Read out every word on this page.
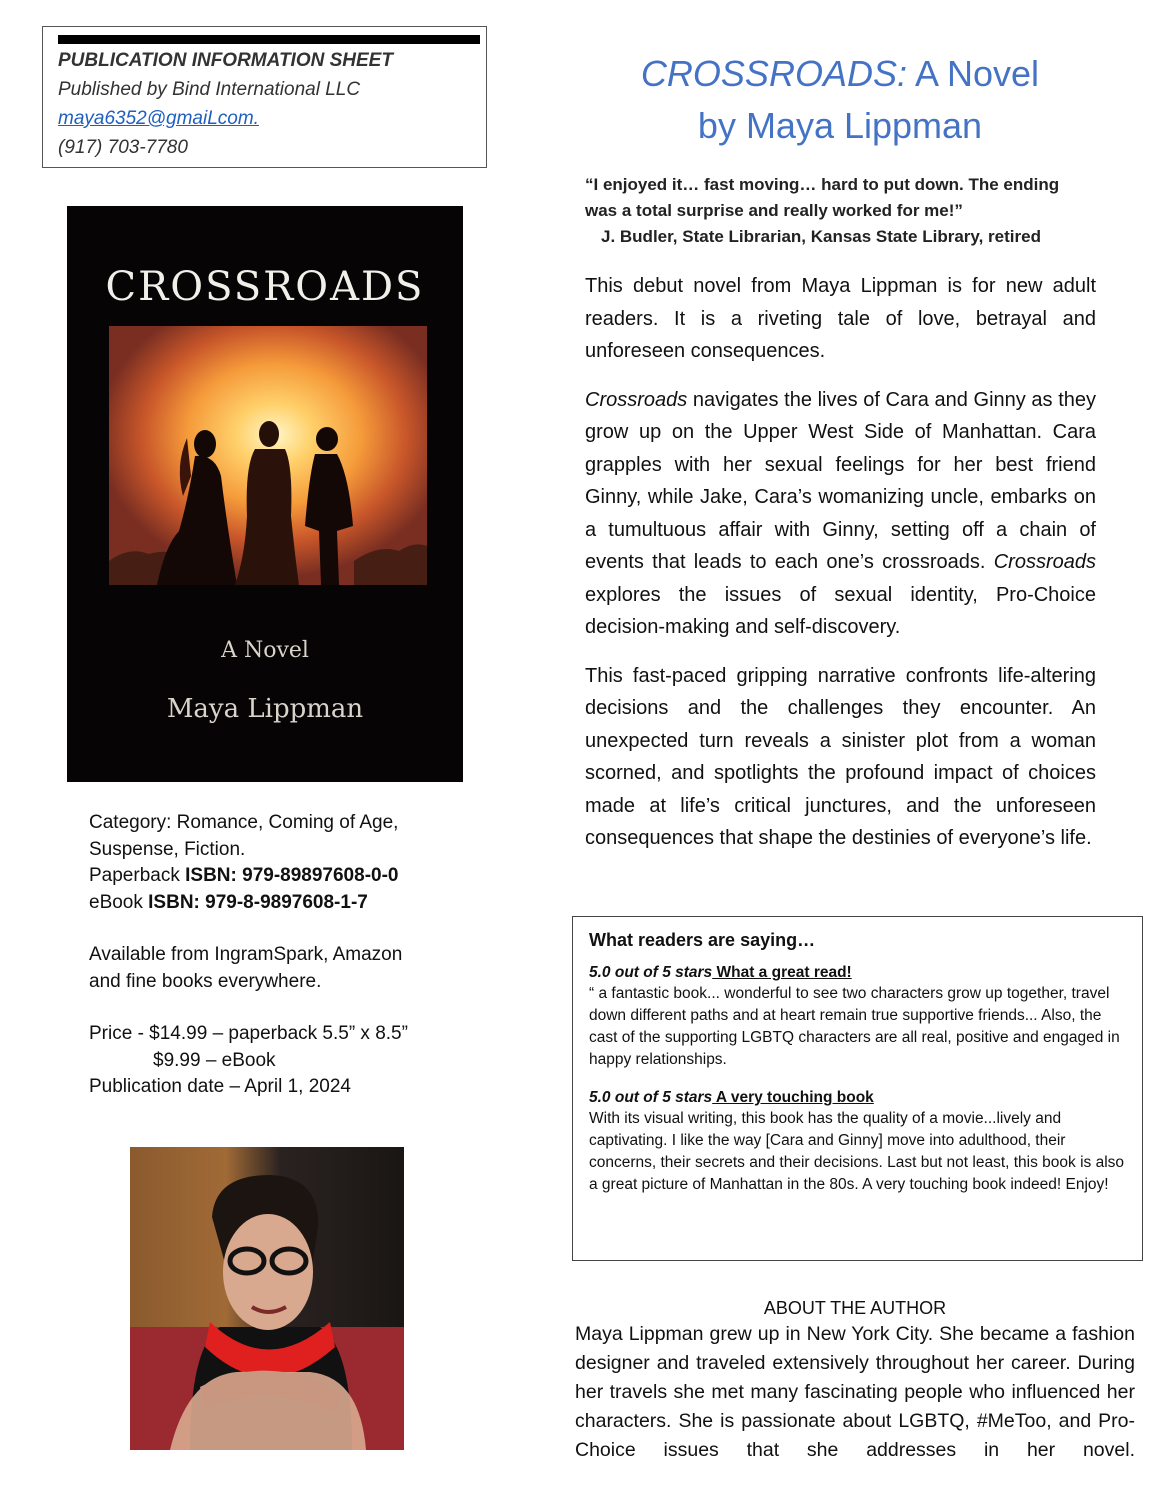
PUBLICATION INFORMATION SHEET
Published by Bind International LLC
maya6352@gmaiLcom.
(917) 703-7780
CROSSROADS: A Novel
by Maya Lippman
“I enjoyed it… fast moving… hard to put down. The ending
was a total surprise and really worked for me!”
J. Budler, State Librarian, Kansas State Library, retired

This debut novel from Maya Lippman is for new adult readers. It is a riveting tale of love, betrayal and unforeseen consequences.

Crossroads navigates the lives of Cara and Ginny as they grow up on the Upper West Side of Manhattan. Cara grapples with her sexual feelings for her best friend Ginny, while Jake, Cara’s womanizing uncle, embarks on a tumultuous affair with Ginny, setting off a chain of events that leads to each one’s crossroads. Crossroads explores the issues of sexual identity, Pro-Choice decision-making and self-discovery.

This fast-paced gripping narrative confronts life-altering decisions and the challenges they encounter. An unexpected turn reveals a sinister plot from a woman scorned, and spotlights the profound impact of choices made at life’s critical junctures, and the unforeseen consequences that shape the destinies of everyone’s life.

CROSSROADS
A Novel
Maya Lippman
Category: Romance, Coming of Age,
Suspense, Fiction.
Paperback ISBN: 979-89897608-0-0
eBook ISBN: 979-8-9897608-1-7
Available from IngramSpark, Amazon
and fine books everywhere.
Price - $14.99 – paperback 5.5” x 8.5”
$9.99 – eBook
Publication date – April 1, 2024
What readers are saying…
5.0 out of 5 stars What a great read!
“ a fantastic book... wonderful to see two characters grow up together, travel down different paths and at heart remain true supportive friends... Also, the cast of the supporting LGBTQ characters are all real, positive and engaged in happy relationships.
5.0 out of 5 stars A very touching book
With its visual writing, this book has the quality of a movie...lively and captivating. I like the way [Cara and Ginny] move into adulthood, their concerns, their secrets and their decisions. Last but not least, this book is also a great picture of Manhattan in the 80s. A very touching book indeed! Enjoy!
ABOUT THE AUTHOR
Maya Lippman grew up in New York City. She became a fashion designer and traveled extensively throughout her career. During her travels she met many fascinating people who influenced her characters. She is passionate about LGBTQ, #MeToo, and Pro-Choice issues that she addresses in her novel.
